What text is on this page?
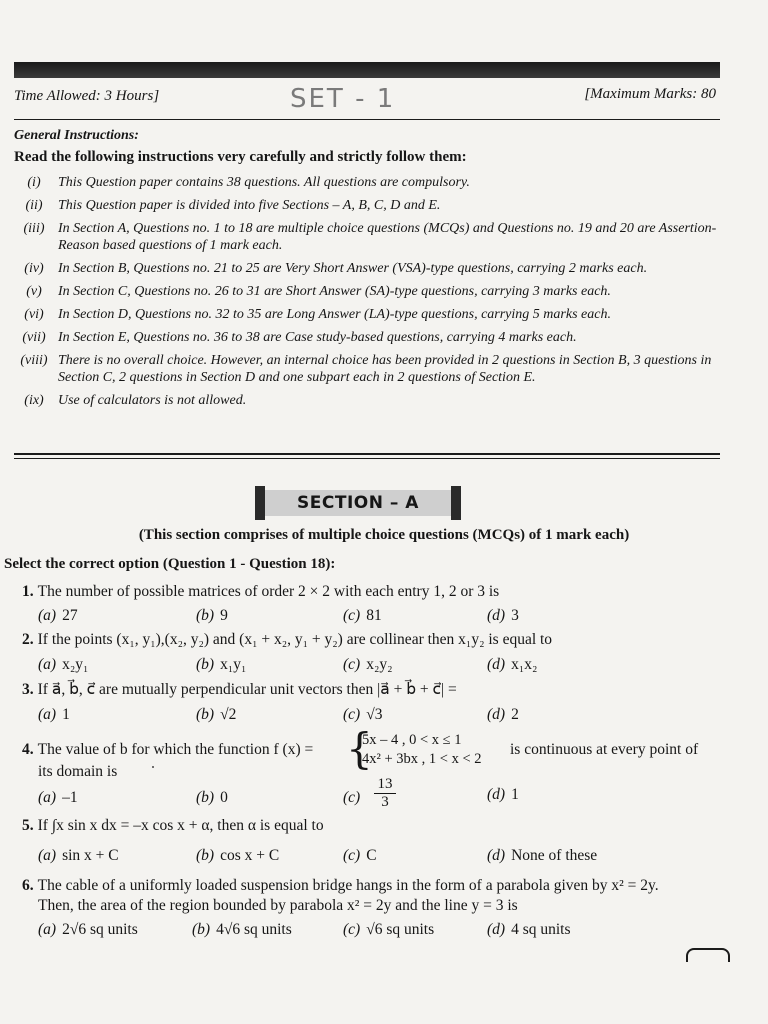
Time Allowed: 3 Hours]	SET - 1	[Maximum Marks: 80
General Instructions:
Read the following instructions very carefully and strictly follow them:
(i)	This Question paper contains 38 questions. All questions are compulsory.
(ii)	This Question paper is divided into five Sections – A, B, C, D and E.
(iii) In Section A, Questions no. 1 to 18 are multiple choice questions (MCQs) and Questions no. 19 and 20 are Assertion-Reason based questions of 1 mark each.
(iv)	In Section B, Questions no. 21 to 25 are Very Short Answer (VSA)-type questions, carrying 2 marks each.
(v)	In Section C, Questions no. 26 to 31 are Short Answer (SA)-type questions, carrying 3 marks each.
(vi)	In Section D, Questions no. 32 to 35 are Long Answer (LA)-type questions, carrying 5 marks each.
(vii) In Section E, Questions no. 36 to 38 are Case study-based questions, carrying 4 marks each.
(viii) There is no overall choice. However, an internal choice has been provided in 2 questions in Section B, 3 questions in Section C, 2 questions in Section D and one subpart each in 2 questions of Section E.
(ix)	Use of calculators is not allowed.
SECTION – A
(This section comprises of multiple choice questions (MCQs) of 1 mark each)
Select the correct option (Question 1 - Question 18):
1. The number of possible matrices of order 2 × 2 with each entry 1, 2 or 3 is
(a) 27	(b) 9	(c) 81	(d) 3
2. If the points (x₁, y₁),(x₂, y₂) and (x₁ + x₂, y₁ + y₂) are collinear then x₁y₂ is equal to
(a) x₂y₁	(b) x₁y₁	(c) x₂y₂	(d) x₁x₂
3. If a⃗, b⃗, c⃗ are mutually perpendicular unit vectors then |a⃗ + b⃗ + c⃗| =
(a) 1	(b) √2	(c) √3	(d) 2
4. The value of b for which the function f (x) = {
5x – 4 , 0 < x ≤ 1
4x² + 3bx , 1 < x < 2
is continuous at every point of
its domain is
(a) –1	(b) 0	$(c) \frac{13}{3}$	(d) 1
5. If ∫x sin x dx = –x cos x + α, then α is equal to
(a) sin x + C	(b) cos x + C	(c) C	(d) None of these
6. The cable of a uniformly loaded suspension bridge hangs in the form of a parabola given by x² = 2y.
Then, the area of the region bounded by parabola x² = 2y and the line y = 3 is
(a) 2√6 sq units	(b) 4√6 sq units	(c) √6 sq units	(d) 4 sq units
